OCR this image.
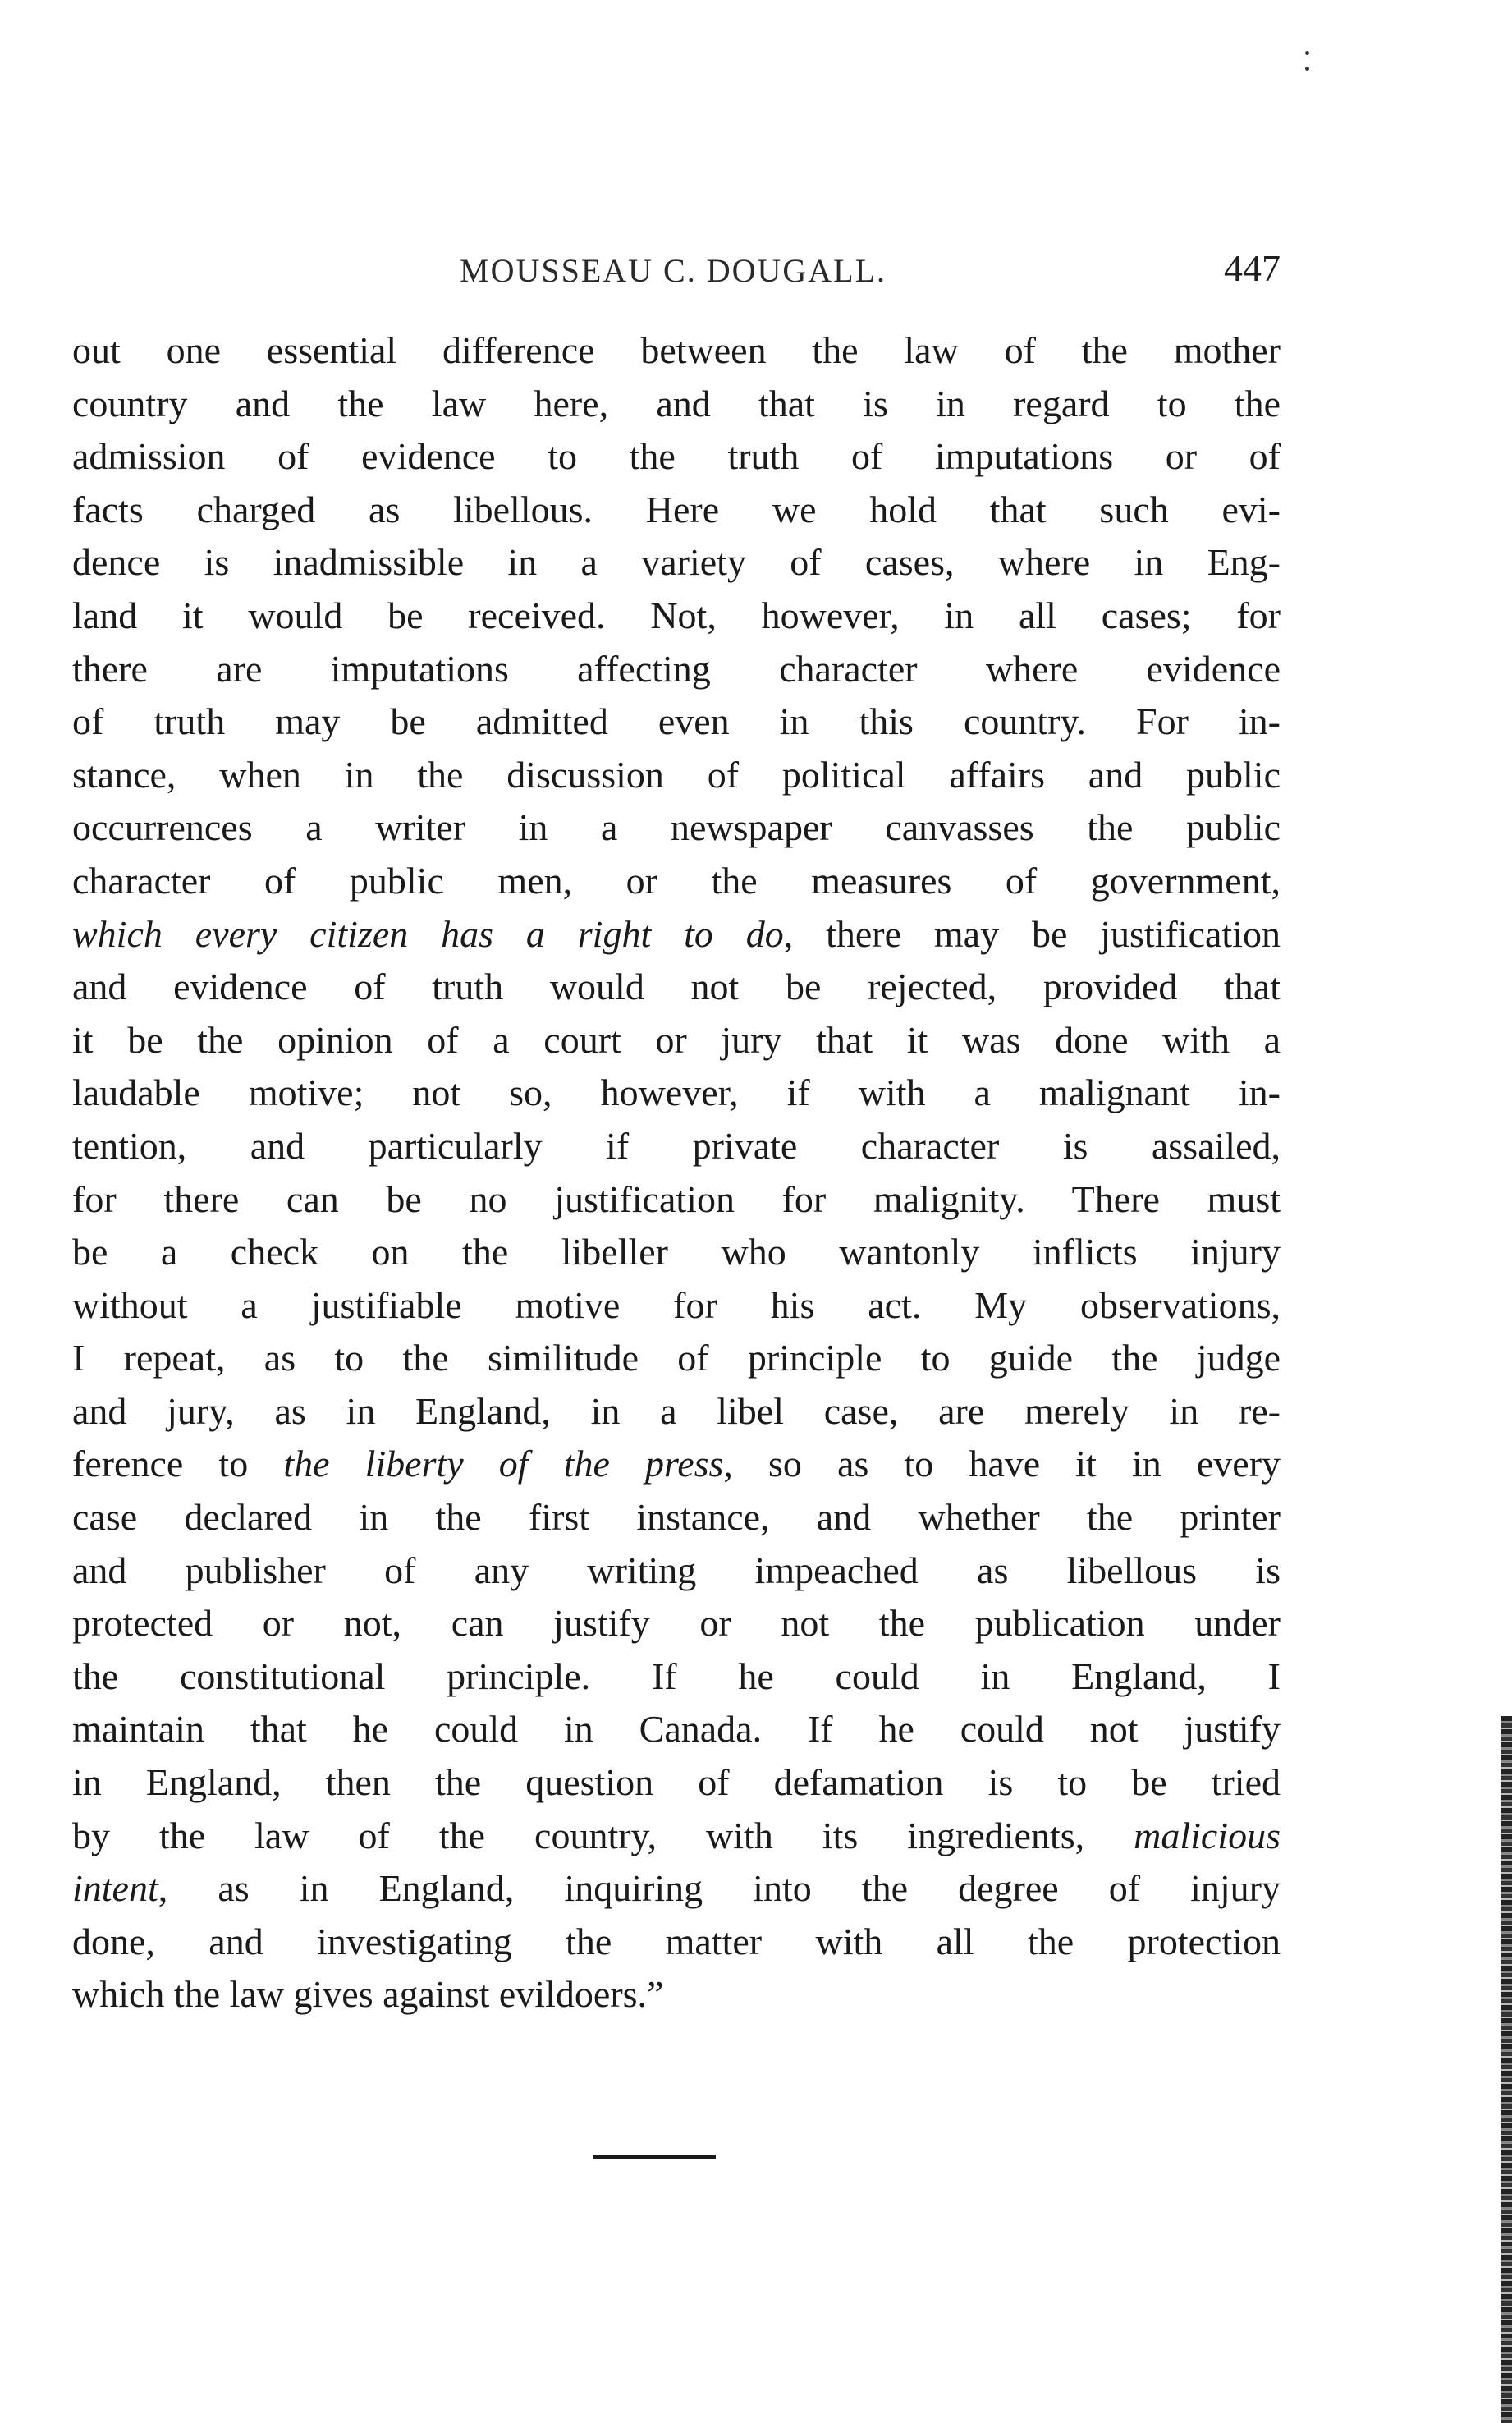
MOUSSEAU C. DOUGALL.	447
out one essential difference between the law of the mother
country and the law here, and that is in regard to the
admission of evidence to the truth of imputations or of
facts charged as libellous. Here we hold that such evi-
dence is inadmissible in a variety of cases, where in Eng-
land it would be received. Not, however, in all cases; for
there are imputations affecting character where evidence
of truth may be admitted even in this country. For in-
stance, when in the discussion of political affairs and public
occurrences a writer in a newspaper canvasses the public
character of public men, or the measures of government,
which every citizen has a right to do, there may be justification
and evidence of truth would not be rejected, provided that
it be the opinion of a court or jury that it was done with a
laudable motive; not so, however, if with a malignant in-
tention, and particularly if private character is assailed,
for there can be no justification for malignity. There must
be a check on the libeller who wantonly inflicts injury
without a justifiable motive for his act. My observations,
I repeat, as to the similitude of principle to guide the judge
and jury, as in England, in a libel case, are merely in re-
ference to the liberty of the press, so as to have it in every
case declared in the first instance, and whether the printer
and publisher of any writing impeached as libellous is
protected or not, can justify or not the publication under
the constitutional principle. If he could in England, I
maintain that he could in Canada. If he could not justify
in England, then the question of defamation is to be tried
by the law of the country, with its ingredients, malicious
intent, as in England, inquiring into the degree of injury
done, and investigating the matter with all the protection
which the law gives against evildoers.”
